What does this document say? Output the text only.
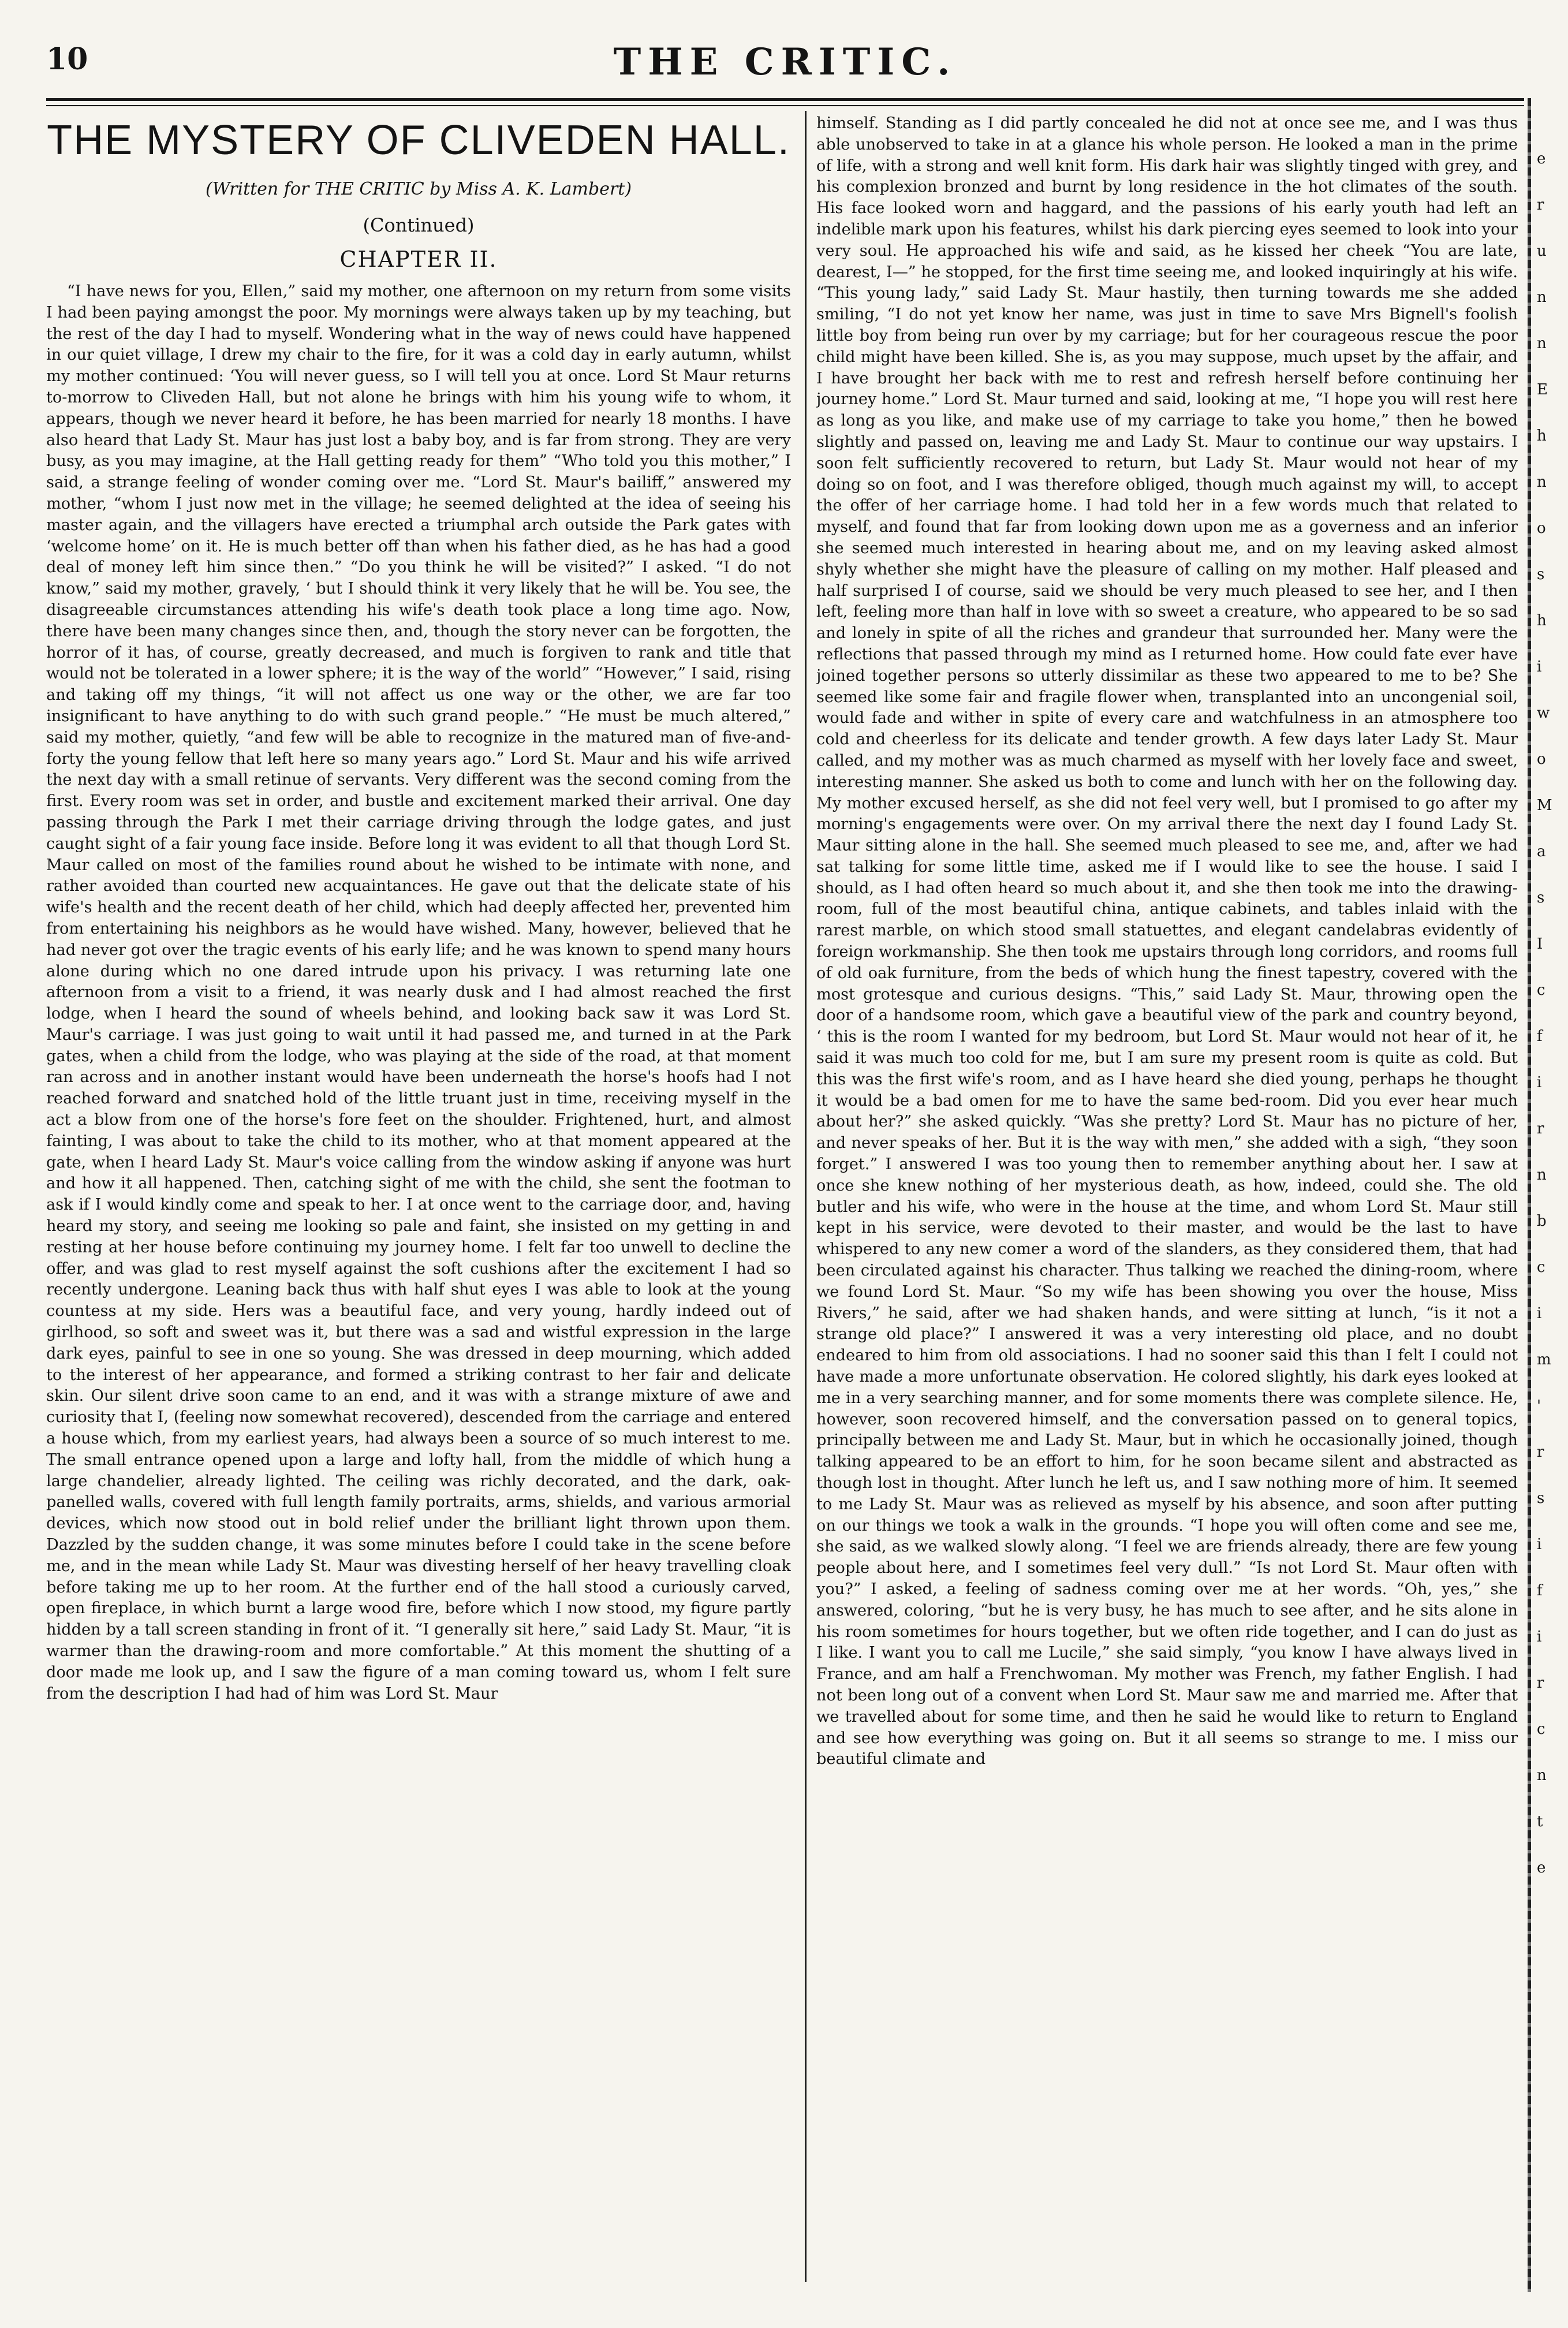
10	THE CRITIC.
THE MYSTERY OF CLIVEDEN HALL.
(Written for THE CRITIC by Miss A. K. Lambert)
(Continued)
CHAPTER II.

“I have news for you, Ellen,” said my mother, one afternoon on my return from some visits I had been paying amongst the poor. My mornings were always taken up by my teaching, but the rest of the day I had to myself. Wondering what in the way of news could have happened in our quiet village, I drew my chair to the fire, for it was a cold day in early autumn, whilst my mother continued: ‘You will never guess, so I will tell you at once. Lord St Maur returns to-morrow to Cliveden Hall, but not alone he brings with him his young wife to whom, it appears, though we never heard it before, he has been married for nearly 18 months. I have also heard that Lady St. Maur has just lost a baby boy, and is far from strong. They are very busy, as you may imagine, at the Hall getting ready for them” “Who told you this mother,” I said, a strange feeling of wonder coming over me. “Lord St. Maur's bailiff,” answered my mother, “whom I just now met in the village; he seemed delighted at the idea of seeing his master again, and the villagers have erected a triumphal arch outside the Park gates with ‘welcome home’ on it. He is much better off than when his father died, as he has had a good deal of money left him since then.” “Do you think he will be visited?” I asked. “I do not know,” said my mother, gravely, ‘ but I should think it very likely that he will be. You see, the disagreeable circumstances attending his wife's death took place a long time ago. Now, there have been many changes since then, and, though the story never can be forgotten, the horror of it has, of course, greatly decreased, and much is forgiven to rank and title that would not be tolerated in a lower sphere; it is the way of the world” “However,” I said, rising and taking off my things, “it will not affect us one way or the other, we are far too insignificant to have anything to do with such grand people.” “He must be much altered,” said my mother, quietly, “and few will be able to recognize in the matured man of five-and-forty the young fellow that left here so many years ago.” Lord St. Maur and his wife arrived the next day with a small retinue of servants. Very different was the second coming from the first. Every room was set in order, and bustle and excitement marked their arrival. One day passing through the Park I met their carriage driving through the lodge gates, and just caught sight of a fair young face inside. Before long it was evident to all that though Lord St. Maur called on most of the families round about he wished to be intimate with none, and rather avoided than courted new acquaintances. He gave out that the delicate state of his wife's health and the recent death of her child, which had deeply affected her, prevented him from entertaining his neighbors as he would have wished. Many, however, believed that he had never got over the tragic events of his early life; and he was known to spend many hours alone during which no one dared intrude upon his privacy. I was returning late one afternoon from a visit to a friend, it was nearly dusk and I had almost reached the first lodge, when I heard the sound of wheels behind, and looking back saw it was Lord St. Maur's carriage. I was just going to wait until it had passed me, and turned in at the Park gates, when a child from the lodge, who was playing at the side of the road, at that moment ran across and in another instant would have been underneath the horse's hoofs had I not reached forward and snatched hold of the little truant just in time, receiving myself in the act a blow from one of the horse's fore feet on the shoulder. Frightened, hurt, and almost fainting, I was about to take the child to its mother, who at that moment appeared at the gate, when I heard Lady St. Maur's voice calling from the window asking if anyone was hurt and how it all happened. Then, catching sight of me with the child, she sent the footman to ask if I would kindly come and speak to her. I at once went to the carriage door, and, having heard my story, and seeing me looking so pale and faint, she insisted on my getting in and resting at her house before continuing my journey home. I felt far too unwell to decline the offer, and was glad to rest myself against the soft cushions after the excitement I had so recently undergone. Leaning back thus with half shut eyes I was able to look at the young countess at my side. Hers was a beautiful face, and very young, hardly indeed out of girlhood, so soft and sweet was it, but there was a sad and wistful expression in the large dark eyes, painful to see in one so young. She was dressed in deep mourning, which added to the interest of her appearance, and formed a striking contrast to her fair and delicate skin. Our silent drive soon came to an end, and it was with a strange mixture of awe and curiosity that I, (feeling now somewhat recovered), descended from the carriage and entered a house which, from my earliest years, had always been a source of so much interest to me. The small entrance opened upon a large and lofty hall, from the middle of which hung a large chandelier, already lighted. The ceiling was richly decorated, and the dark, oak-panelled walls, covered with full length family portraits, arms, shields, and various armorial devices, which now stood out in bold relief under the brilliant light thrown upon them. Dazzled by the sudden change, it was some minutes before I could take in the scene before me, and in the mean while Lady St. Maur was divesting herself of her heavy travelling cloak before taking me up to her room. At the further end of the hall stood a curiously carved, open fireplace, in which burnt a large wood fire, before which I now stood, my figure partly hidden by a tall screen standing in front of it. “I generally sit here,” said Lady St. Maur, “it is warmer than the drawing-room and more comfortable.” At this moment the shutting of a door made me look up, and I saw the figure of a man coming toward us, whom I felt sure from the description I had had of him was Lord St. Maur

himself. Standing as I did partly concealed he did not at once see me, and I was thus able unobserved to take in at a glance his whole person. He looked a man in the prime of life, with a strong and well knit form. His dark hair was slightly tinged with grey, and his complexion bronzed and burnt by long residence in the hot climates of the south. His face looked worn and haggard, and the passions of his early youth had left an indelible mark upon his features, whilst his dark piercing eyes seemed to look into your very soul. He approached his wife and said, as he kissed her cheek “You are late, dearest, I—” he stopped, for the first time seeing me, and looked inquiringly at his wife. “This young lady,” said Lady St. Maur hastily, then turning towards me she added smiling, “I do not yet know her name, was just in time to save Mrs Bignell's foolish little boy from being run over by my carriage; but for her courageous rescue the poor child might have been killed. She is, as you may suppose, much upset by the affair, and I have brought her back with me to rest and refresh herself before continuing her journey home.” Lord St. Maur turned and said, looking at me, “I hope you will rest here as long as you like, and make use of my carriage to take you home,” then he bowed slightly and passed on, leaving me and Lady St. Maur to continue our way upstairs. I soon felt sufficiently recovered to return, but Lady St. Maur would not hear of my doing so on foot, and I was therefore obliged, though much against my will, to accept the offer of her carriage home. I had told her in a few words much that related to myself, and found that far from looking down upon me as a governess and an inferior she seemed much interested in hearing about me, and on my leaving asked almost shyly whether she might have the pleasure of calling on my mother. Half pleased and half surprised I of course, said we should be very much pleased to see her, and I then left, feeling more than half in love with so sweet a creature, who appeared to be so sad and lonely in spite of all the riches and grandeur that surrounded her. Many were the reflections that passed through my mind as I returned home. How could fate ever have joined together persons so utterly dissimilar as these two appeared to me to be? She seemed like some fair and fragile flower when, transplanted into an uncongenial soil, would fade and wither in spite of every care and watchfulness in an atmosphere too cold and cheerless for its delicate and tender growth. A few days later Lady St. Maur called, and my mother was as much charmed as myself with her lovely face and sweet, interesting manner. She asked us both to come and lunch with her on the following day. My mother excused herself, as she did not feel very well, but I promised to go after my morning's engagements were over. On my arrival there the next day I found Lady St. Maur sitting alone in the hall. She seemed much pleased to see me, and, after we had sat talking for some little time, asked me if I would like to see the house. I said I should, as I had often heard so much about it, and she then took me into the drawing-room, full of the most beautiful china, antique cabinets, and tables inlaid with the rarest marble, on which stood small statuettes, and elegant candelabras evidently of foreign workmanship. She then took me upstairs through long corridors, and rooms full of old oak furniture, from the beds of which hung the finest tapestry, covered with the most grotesque and curious designs. “This,” said Lady St. Maur, throwing open the door of a handsome room, which gave a beautiful view of the park and country beyond, ‘ this is the room I wanted for my bedroom, but Lord St. Maur would not hear of it, he said it was much too cold for me, but I am sure my present room is quite as cold. But this was the first wife's room, and as I have heard she died young, perhaps he thought it would be a bad omen for me to have the same bed-room. Did you ever hear much about her?” she asked quickly. “Was she pretty? Lord St. Maur has no picture of her, and never speaks of her. But it is the way with men,” she added with a sigh, “they soon forget.” I answered I was too young then to remember anything about her. I saw at once she knew nothing of her mysterious death, as how, indeed, could she. The old butler and his wife, who were in the house at the time, and whom Lord St. Maur still kept in his service, were devoted to their master, and would be the last to have whispered to any new comer a word of the slanders, as they considered them, that had been circulated against his character. Thus talking we reached the dining-room, where we found Lord St. Maur. “So my wife has been showing you over the house, Miss Rivers,” he said, after we had shaken hands, and were sitting at lunch, “is it not a strange old place?” I answered it was a very interesting old place, and no doubt endeared to him from old associations. I had no sooner said this than I felt I could not have made a more unfortunate observation. He colored slightly, his dark eyes looked at me in a very searching manner, and for some moments there was complete silence. He, however, soon recovered himself, and the conversation passed on to general topics, principally between me and Lady St. Maur, but in which he occasionally joined, though talking appeared to be an effort to him, for he soon became silent and abstracted as though lost in thought. After lunch he left us, and I saw nothing more of him. It seemed to me Lady St. Maur was as relieved as myself by his absence, and soon after putting on our things we took a walk in the grounds. “I hope you will often come and see me, she said, as we walked slowly along. “I feel we are friends already, there are few young people about here, and I sometimes feel very dull.” “Is not Lord St. Maur often with you?” I asked, a feeling of sadness coming over me at her words. “Oh, yes,” she answered, coloring, “but he is very busy, he has much to see after, and he sits alone in his room sometimes for hours together, but we often ride together, and I can do just as I like. I want you to call me Lucile,” she said simply, “you know I have always lived in France, and am half a Frenchwoman. My mother was French, my father English. I had not been long out of a convent when Lord St. Maur saw me and married me. After that we travelled about for some time, and then he said he would like to return to England and see how everything was going on. But it all seems so strange to me. I miss our beautiful climate and

e
r
u
n
n
E
h
n
o
s
h
i
w
o
M
a
s
I
c
f
i
r
n
b
c
i
m
'
r
s
i
f
i
r
c
n
t
e
